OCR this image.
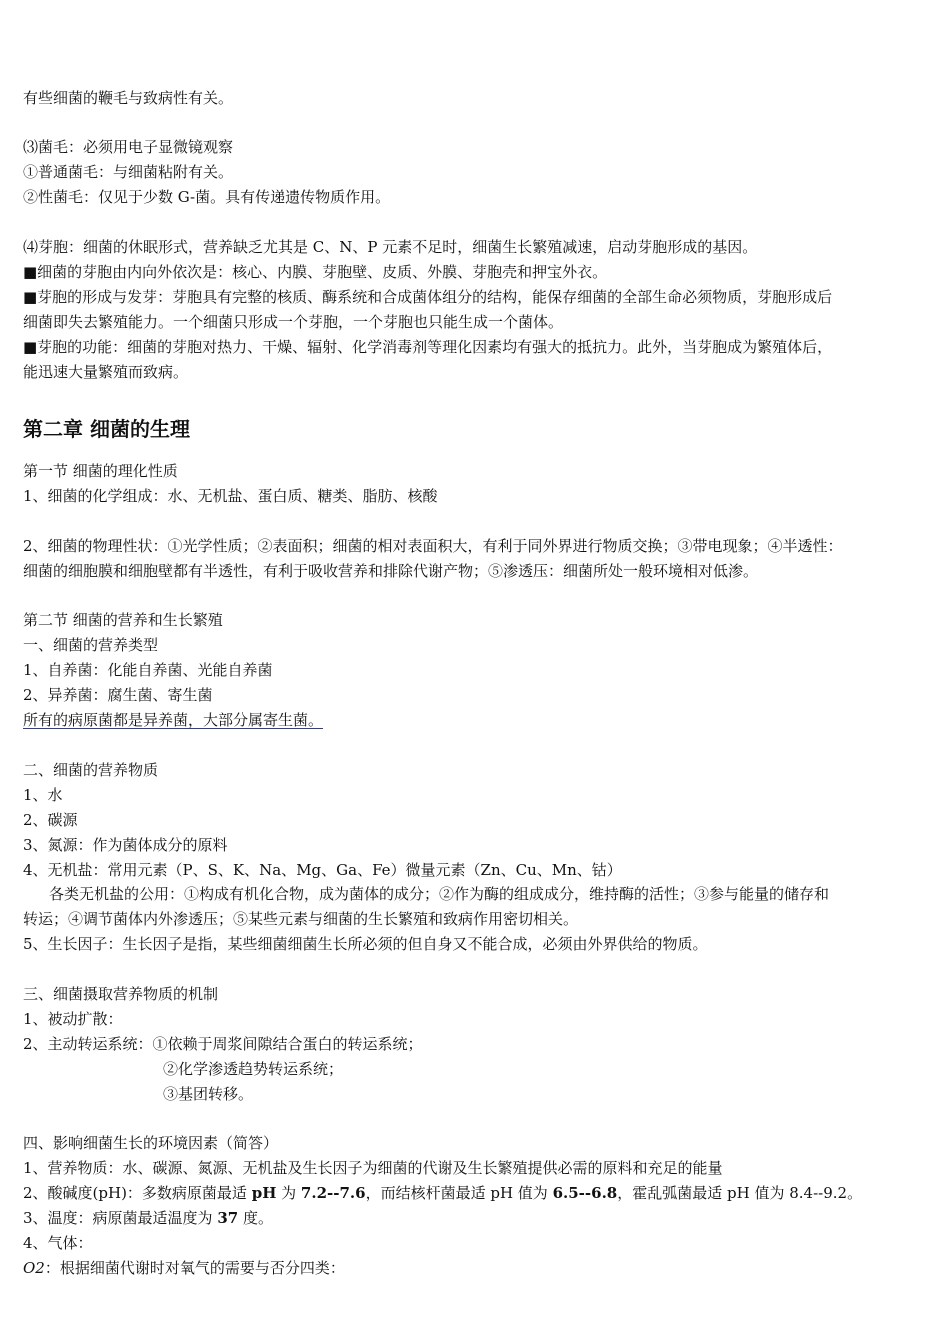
有些细菌的鞭毛与致病性有关。
⑶菌毛：必须用电子显微镜观察
①普通菌毛：与细菌粘附有关。
②性菌毛：仅见于少数 G-菌。具有传递遗传物质作用。
⑷芽胞：细菌的休眠形式，营养缺乏尤其是 C、N、P 元素不足时，细菌生长繁殖减速，启动芽胞形成的基因。
■细菌的芽胞由内向外依次是：核心、内膜、芽胞壁、皮质、外膜、芽胞壳和押宝外衣。
■芽胞的形成与发芽：芽胞具有完整的核质、酶系统和合成菌体组分的结构，能保存细菌的全部生命必须物质，芽胞形成后
细菌即失去繁殖能力。一个细菌只形成一个芽胞，一个芽胞也只能生成一个菌体。
■芽胞的功能：细菌的芽胞对热力、干燥、辐射、化学消毒剂等理化因素均有强大的抵抗力。此外，当芽胞成为繁殖体后，
能迅速大量繁殖而致病。
第二章 细菌的生理
第一节 细菌的理化性质
1、细菌的化学组成：水、无机盐、蛋白质、糖类、脂肪、核酸
2、细菌的物理性状：①光学性质；②表面积；细菌的相对表面积大，有利于同外界进行物质交换；③带电现象；④半透性：
细菌的细胞膜和细胞壁都有半透性，有利于吸收营养和排除代谢产物；⑤渗透压：细菌所处一般环境相对低渗。
第二节 细菌的营养和生长繁殖
一、细菌的营养类型
1、自养菌：化能自养菌、光能自养菌
2、异养菌：腐生菌、寄生菌
所有的病原菌都是异养菌，大部分属寄生菌。
二、细菌的营养物质
1、水
2、碳源
3、氮源：作为菌体成分的原料
4、无机盐：常用元素（P、S、K、Na、Mg、Ga、Fe）微量元素（Zn、Cu、Mn、钴）
各类无机盐的公用：①构成有机化合物，成为菌体的成分；②作为酶的组成成分，维持酶的活性；③参与能量的储存和
转运；④调节菌体内外渗透压；⑤某些元素与细菌的生长繁殖和致病作用密切相关。
5、生长因子：生长因子是指，某些细菌细菌生长所必须的但自身又不能合成，必须由外界供给的物质。
三、细菌摄取营养物质的机制
1、被动扩散：
2、主动转运系统：①依赖于周浆间隙结合蛋白的转运系统；
②化学渗透趋势转运系统；
③基团转移。
四、影响细菌生长的环境因素（简答）
1、营养物质：水、碳源、氮源、无机盐及生长因子为细菌的代谢及生长繁殖提供必需的原料和充足的能量
2、酸碱度(pH)：多数病原菌最适 pH 为 7.2--7.6，而结核杆菌最适 pH 值为 6.5--6.8，霍乱弧菌最适 pH 值为 8.4--9.2。
3、温度：病原菌最适温度为 37 度。
4、气体：
O2：根据细菌代谢时对氧气的需要与否分四类：
